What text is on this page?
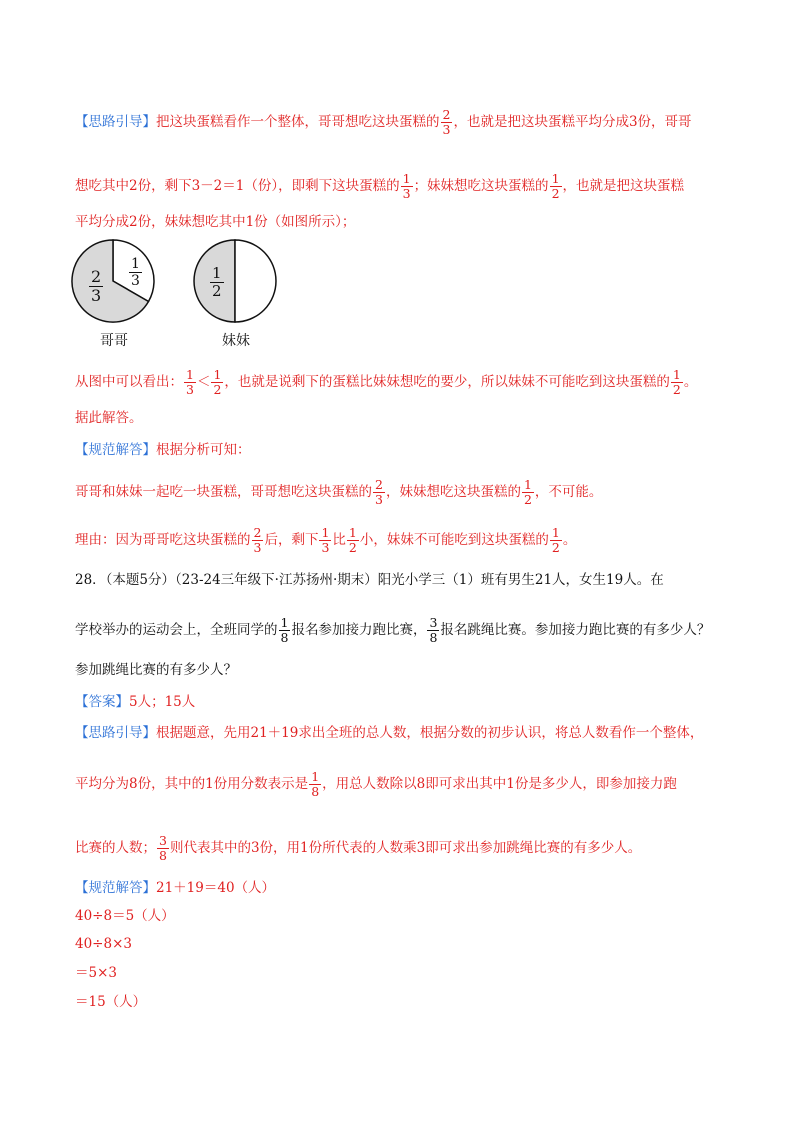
【思路引导】把这块蛋糕看作一个整体，哥哥想吃这块蛋糕的 $\frac{2}{3}$ ，也就是把这块蛋糕平均分成3份，哥哥
想吃其中2份，剩下3－2＝1（份），即剩下这块蛋糕的 $\frac{1}{3}$ ；妹妹想吃这块蛋糕的 $\frac{1}{2}$ ，也就是把这块蛋糕
平均分成2份，妹妹想吃其中1份（如图所示）；
$\frac{2}{3} \frac{1}{3}$	$\frac{1}{2}$
哥哥	妹妹
从图中可以看出： $\frac{1}{3} < \frac{1}{2}$ ，也就是说剩下的蛋糕比妹妹想吃的要少，所以妹妹不可能吃到这块蛋糕的 $\frac{1}{2}$ 。
据此解答。
【规范解答】根据分析可知：
哥哥和妹妹一起吃一块蛋糕，哥哥想吃这块蛋糕的 $\frac{2}{3}$ ，妹妹想吃这块蛋糕的 $\frac{1}{2}$ ，不可能。
理由：因为哥哥吃这块蛋糕的 $\frac{2}{3}$ 后，剩下 $\frac{1}{3}$ 比 $\frac{1}{2}$ 小，妹妹不可能吃到这块蛋糕的 $\frac{1}{2}$ 。
28．（本题5分）（23-24三年级下·江苏扬州·期末）阳光小学三（1）班有男生21人，女生19人。在
学校举办的运动会上，全班同学的 $\frac{1}{8}$ 报名参加接力跑比赛， $\frac{3}{8}$ 报名跳绳比赛。参加接力跑比赛的有多少人？
参加跳绳比赛的有多少人？
【答案】5人；15人
【思路引导】根据题意，先用21＋19求出全班的总人数，根据分数的初步认识，将总人数看作一个整体，
平均分为8份，其中的1份用分数表示是 $\frac{1}{8}$ ，用总人数除以8即可求出其中1份是多少人，即参加接力跑
比赛的人数； $\frac{3}{8}$ 则代表其中的3份，用1份所代表的人数乘3即可求出参加跳绳比赛的有多少人。
【规范解答】21＋19＝40（人）
40÷8＝5（人）
40÷8×3
＝5×3
＝15（人）
